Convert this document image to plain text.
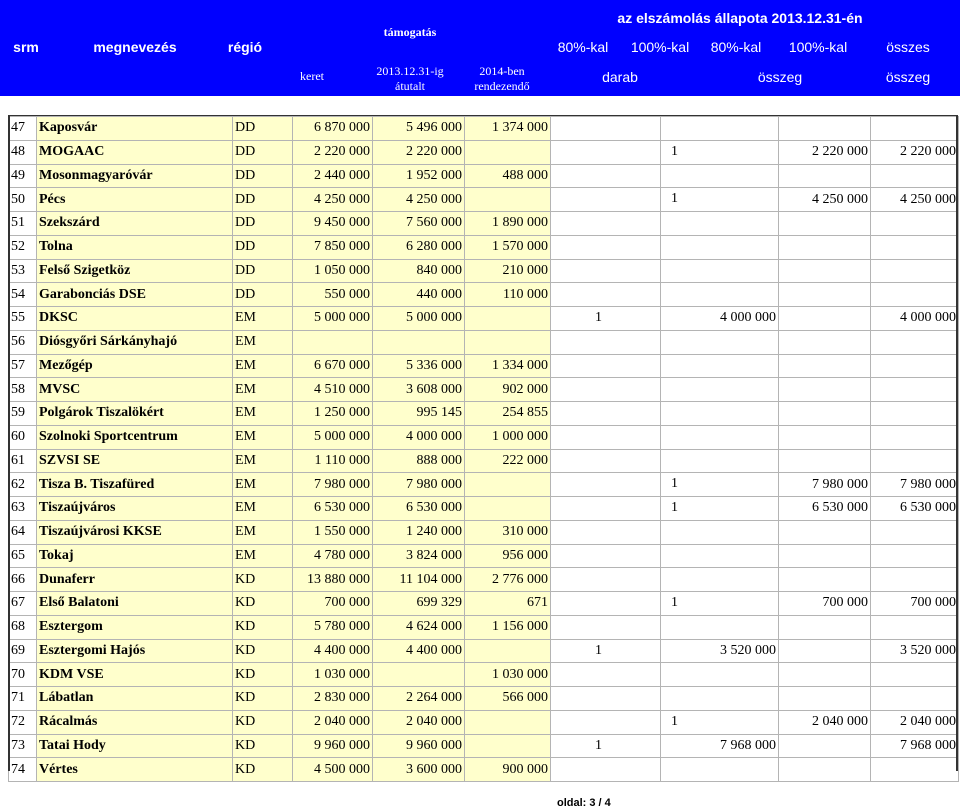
srm	megnevezés	régió
támogatás
keret	2013.12.31-ig
átutalt
2014-ben
rendezendő
az elszámolás állapota 2013.12.31-én
80%-kal	100%-kal	80%-kal	100%-kal	összes
darab	összeg	összeg
47	Kaposvár	DD	6 870 000	5 496 000	1 374 000	

48	MOGAAC	DD	2 220 000	2 220 000		1		2 220 000	2 220 000
49	Mosonmagyaróvár	DD	2 440 000	1 952 000	488 000	

50	Pécs	DD	4 250 000	4 250 000		1		4 250 000	4 250 000
51	Szekszárd	DD	9 450 000	7 560 000	1 890 000	

52	Tolna	DD	7 850 000	6 280 000	1 570 000	

53	Felső Szigetköz	DD	1 050 000	840 000	210 000	

54	Garabonciás DSE	DD	550 000	440 000	110 000	

55	DKSC	EM	5 000 000	5 000 000		1	4 000 000		4 000 000
56	Diósgyőri Sárkányhajó	EM				

57	Mezőgép	EM	6 670 000	5 336 000	1 334 000	

58	MVSC	EM	4 510 000	3 608 000	902 000	

59	Polgárok Tiszalökért	EM	1 250 000	995 145	254 855	

60	Szolnoki Sportcentrum	EM	5 000 000	4 000 000	1 000 000	

61	SZVSI SE	EM	1 110 000	888 000	222 000	

62	Tisza B. Tiszafüred	EM	7 980 000	7 980 000		1		7 980 000	7 980 000
63	Tiszaújváros	EM	6 530 000	6 530 000		1		6 530 000	6 530 000
64	Tiszaújvárosi KKSE	EM	1 550 000	1 240 000	310 000	

65	Tokaj	EM	4 780 000	3 824 000	956 000	

66	Dunaferr	KD	13 880 000	11 104 000	2 776 000	

67	Első Balatoni	KD	700 000	699 329	671	1		700 000	700 000
68	Esztergom	KD	5 780 000	4 624 000	1 156 000	

69	Esztergomi Hajós	KD	4 400 000	4 400 000		1	3 520 000		3 520 000
70	KDM VSE	KD	1 030 000		1 030 000	

71	Lábatlan	KD	2 830 000	2 264 000	566 000	

72	Rácalmás	KD	2 040 000	2 040 000		1		2 040 000	2 040 000
73	Tatai Hody	KD	9 960 000	9 960 000		1	7 968 000		7 968 000
74	Vértes	KD	4 500 000	3 600 000	900 000	

oldal: 3 / 4
